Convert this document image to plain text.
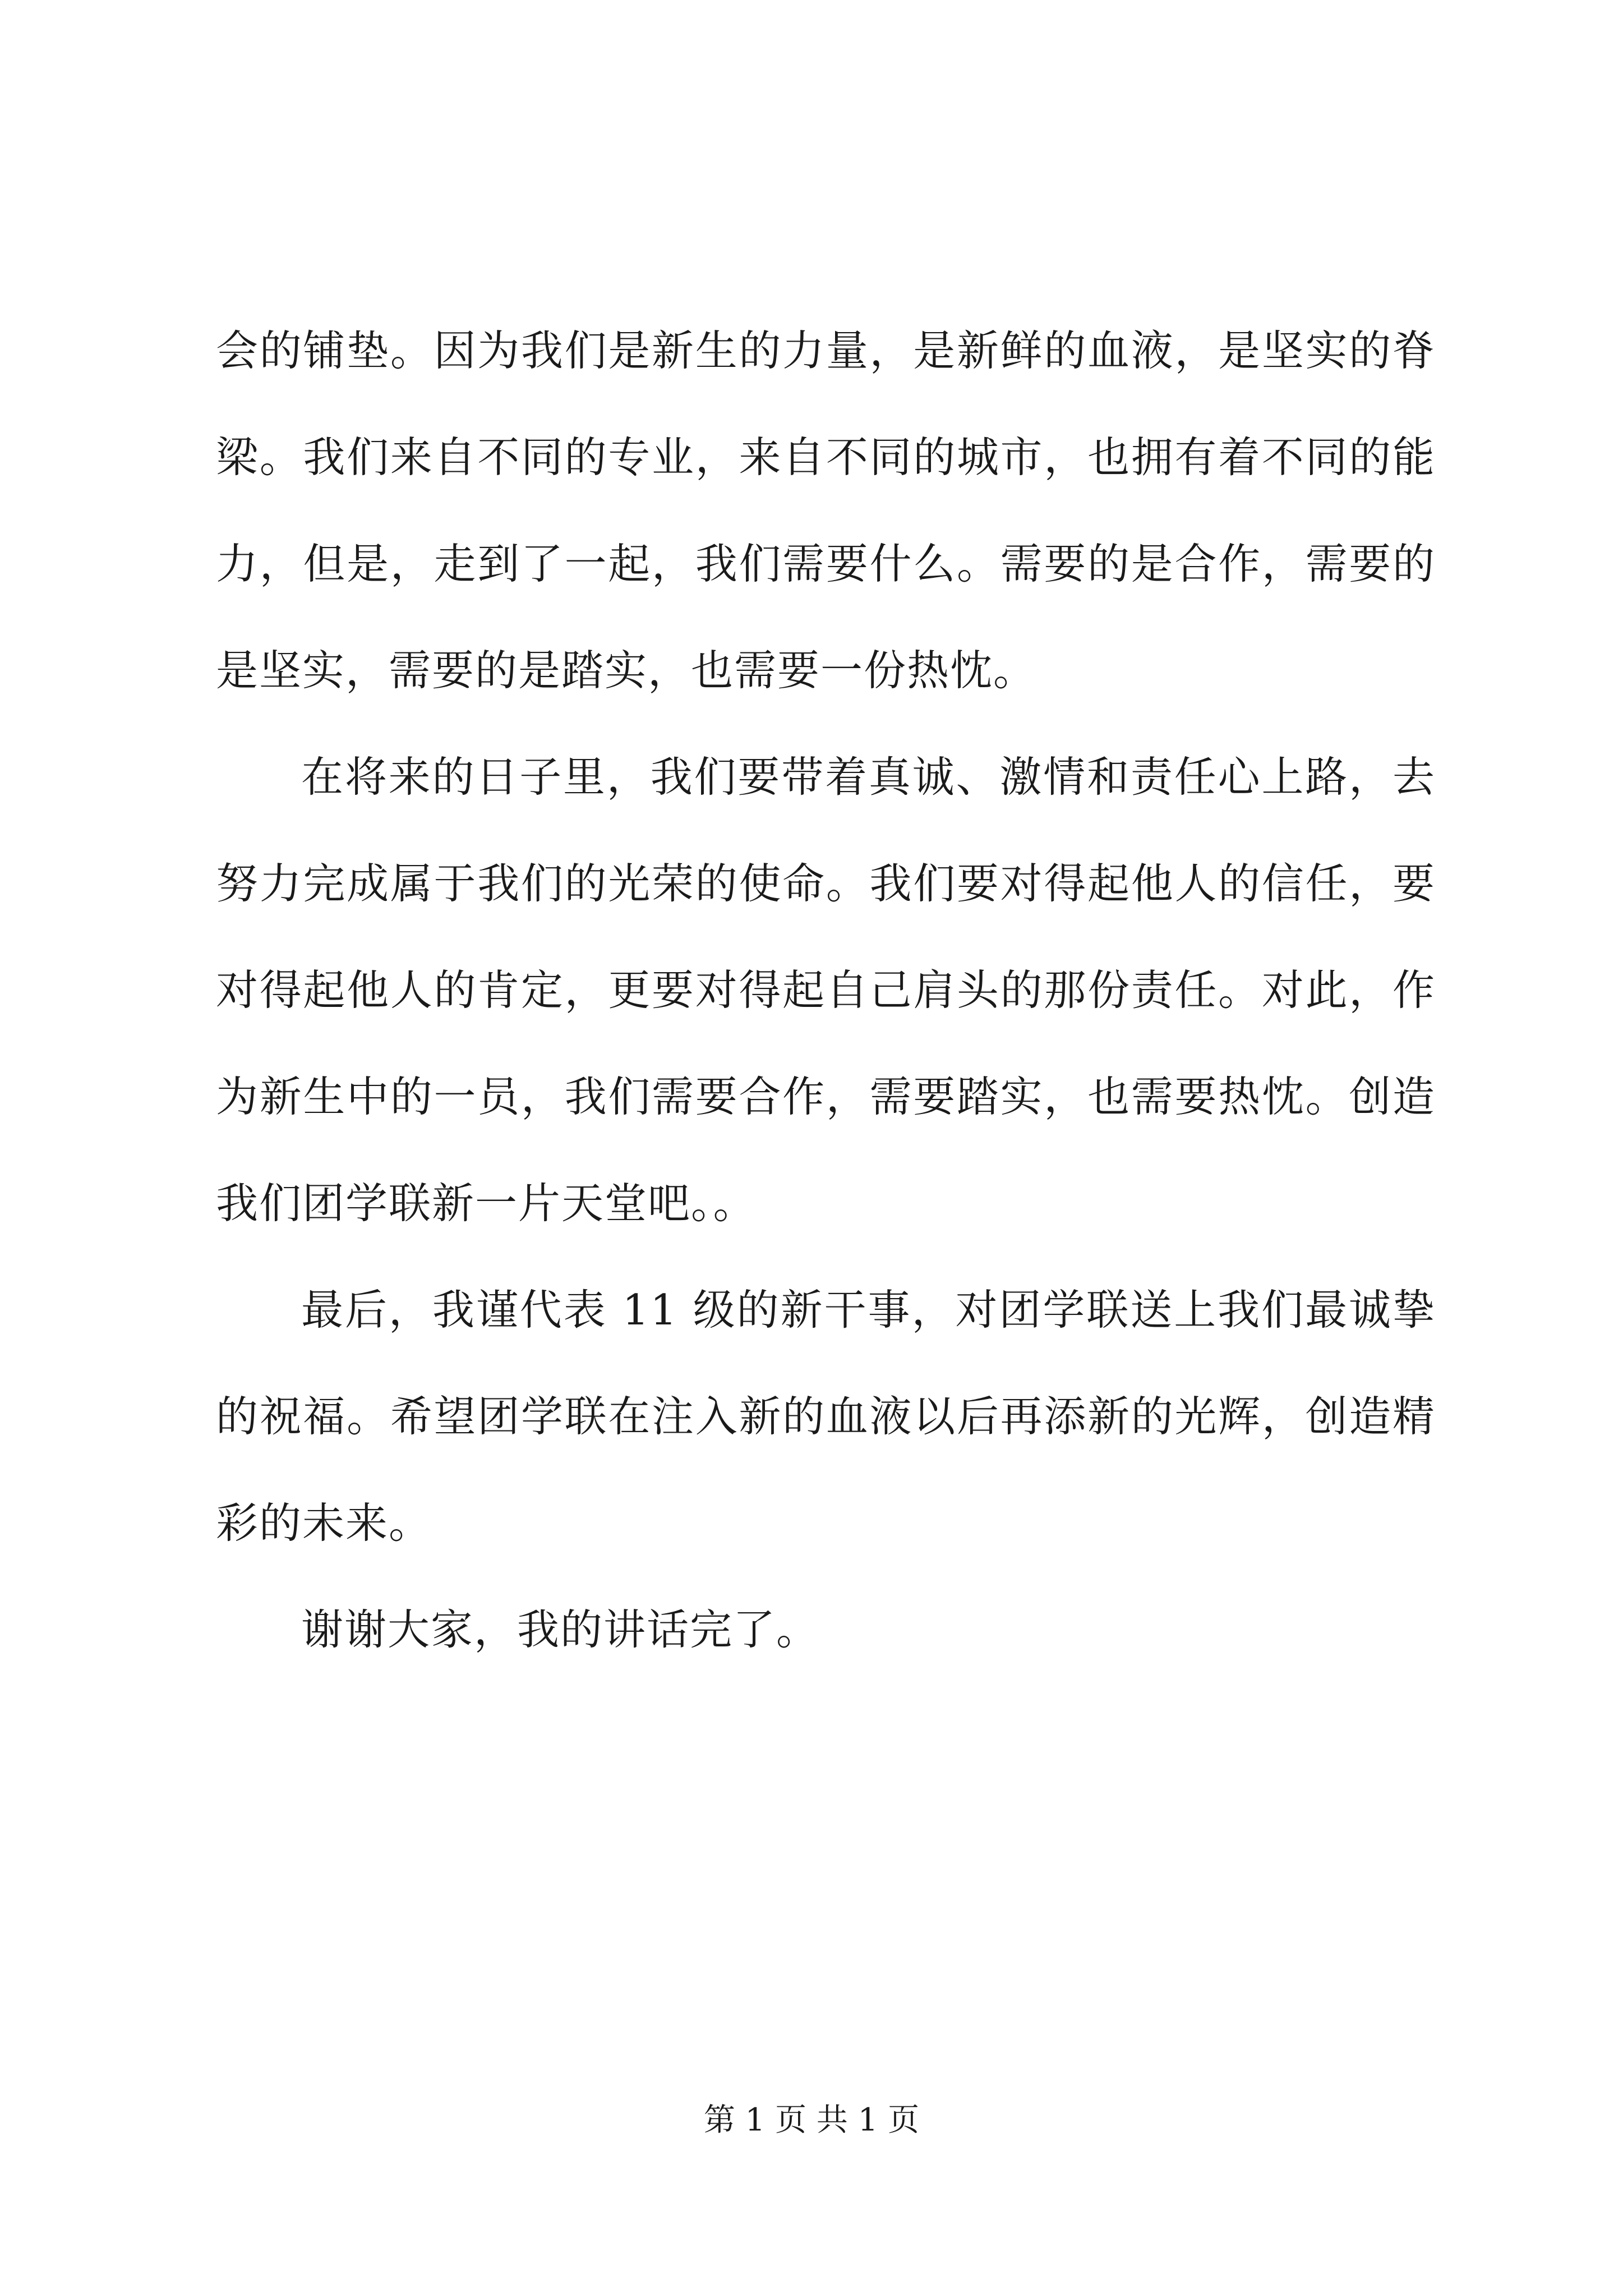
会的铺垫。因为我们是新生的力量，是新鲜的血液，是坚实的脊梁。我们来自不同的专业，来自不同的城市，也拥有着不同的能力，但是，走到了一起，我们需要什么。需要的是合作，需要的是坚实，需要的是踏实，也需要一份热忱。

在将来的日子里，我们要带着真诚、激情和责任心上路，去努力完成属于我们的光荣的使命。我们要对得起他人的信任，要对得起他人的肯定，更要对得起自己肩头的那份责任。对此，作为新生中的一员，我们需要合作，需要踏实，也需要热忱。创造我们团学联新一片天堂吧。。

最后，我谨代表 11 级的新干事，对团学联送上我们最诚挚的祝福。希望团学联在注入新的血液以后再添新的光辉，创造精彩的未来。

谢谢大家，我的讲话完了。

第 1 页 共 1 页
